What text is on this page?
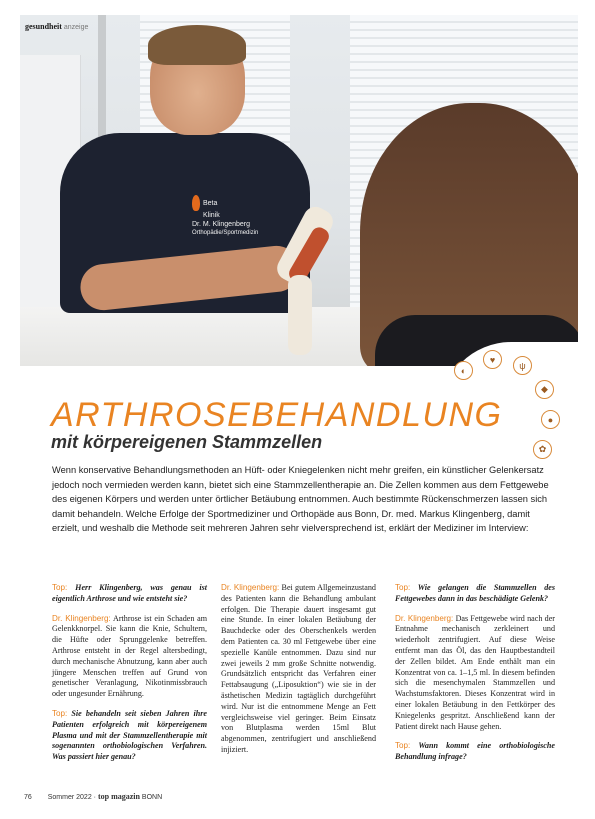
Beta
Klinik
Dr. M. Klingenberg
Orthopädie/Sportmedizin
◐
♥
ψ
◆
●
✿
gesundheit anzeige
ARTHROSEBEHANDLUNG
mit körpereigenen Stammzellen

Wenn konservative Behandlungsmethoden an Hüft- oder Kniegelenken nicht mehr greifen, ein künstlicher Gelenkersatz jedoch noch vermieden werden kann, bietet sich eine Stammzellentherapie an. Die Zellen kommen aus dem Fettgewebe des eigenen Körpers und werden unter örtlicher Betäubung entnommen. Auch bestimmte Rückenschmerzen lassen sich damit behandeln. Welche Erfolge der Sportmediziner und Orthopäde aus Bonn, Dr. med. Markus Klingenberg, damit erzielt, und weshalb die Methode seit mehreren Jahren sehr vielversprechend ist, erklärt der Mediziner im Interview:

Top: Herr Klingenberg, was genau ist eigentlich Arthrose und wie entsteht sie?

Dr. Klingenberg: Arthrose ist ein Schaden am Gelenkknorpel. Sie kann die Knie, Schultern, die Hüfte oder Sprunggelenke betreffen. Arthrose entsteht in der Regel altersbedingt, durch mechanische Abnutzung, kann aber auch jüngere Menschen treffen auf Grund von genetischer Veranlagung, Nikotinmissbrauch oder ungesunder Ernährung.

Top: Sie behandeln seit sieben Jahren ihre Patienten erfolgreich mit körpereigenem Plasma und mit der Stammzellentherapie mit sogenannten orthobiologischen Verfahren. Was passiert hier genau?

Dr. Klingenberg: Bei gutem Allgemeinzustand des Patienten kann die Behandlung ambulant erfolgen. Die Therapie dauert insgesamt gut eine Stunde. In einer lokalen Betäubung der Bauchdecke oder des Oberschenkels werden dem Patienten ca. 30 ml Fettgewebe über eine spezielle Kanüle entnommen. Dazu sind nur zwei jeweils 2 mm große Schnitte notwendig. Grundsätzlich entspricht das Verfahren einer Fettabsaugung („Liposuktion“) wie sie in der ästhetischen Medizin tagtäglich durchgeführt wird. Nur ist die entnommene Menge an Fett vergleichsweise viel geringer. Beim Einsatz von Blutplasma werden 15ml Blut abgenommen, zentrifugiert und anschließend injiziert.

Top: Wie gelangen die Stammzellen des Fettgewebes dann in das beschädigte Gelenk?

Dr. Klingenberg: Das Fettgewebe wird nach der Entnahme mechanisch zerkleinert und wiederholt zentrifugiert. Auf diese Weise entfernt man das Öl, das den Hauptbestandteil der Zellen bildet. Am Ende enthält man ein Konzentrat von ca. 1–1,5 ml. In diesem befinden sich die mesenchymalen Stammzellen und Wachstumsfaktoren. Dieses Konzentrat wird in einer lokalen Betäubung in den Fettkörper des Kniegelenks gespritzt. Anschließend kann der Patient direkt nach Hause gehen.

Top: Wann kommt eine orthobiologische Behandlung infrage?

76 Sommer 2022 · top magazin BONN
